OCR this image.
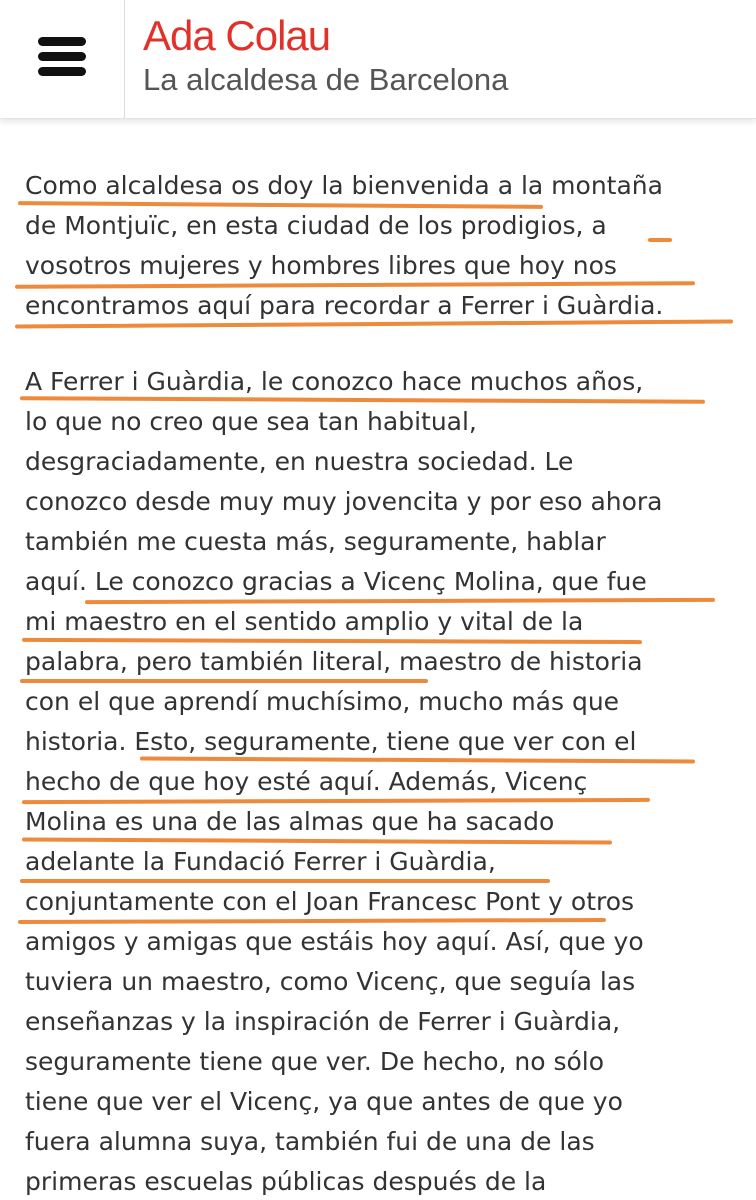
Ada Colau
La alcaldesa de Barcelona
Como alcaldesa os doy la bienvenida a la montaña
de Montjuïc, en esta ciudad de los prodigios, a
vosotros mujeres y hombres libres que hoy nos
encontramos aquí para recordar a Ferrer i Guàrdia.
A Ferrer i Guàrdia, le conozco hace muchos años,
lo que no creo que sea tan habitual,
desgraciadamente, en nuestra sociedad. Le
conozco desde muy muy jovencita y por eso ahora
también me cuesta más, seguramente, hablar
aquí. Le conozco gracias a Vicenç Molina, que fue
mi maestro en el sentido amplio y vital de la
palabra, pero también literal, maestro de historia
con el que aprendí muchísimo, mucho más que
historia. Esto, seguramente, tiene que ver con el
hecho de que hoy esté aquí. Además, Vicenç
Molina es una de las almas que ha sacado
adelante la Fundació Ferrer i Guàrdia,
conjuntamente con el Joan Francesc Pont y otros
amigos y amigas que estáis hoy aquí. Así, que yo
tuviera un maestro, como Vicenç, que seguía las
enseñanzas y la inspiración de Ferrer i Guàrdia,
seguramente tiene que ver. De hecho, no sólo
tiene que ver el Vicenç, ya que antes de que yo
fuera alumna suya, también fui de una de las
primeras escuelas públicas después de la
